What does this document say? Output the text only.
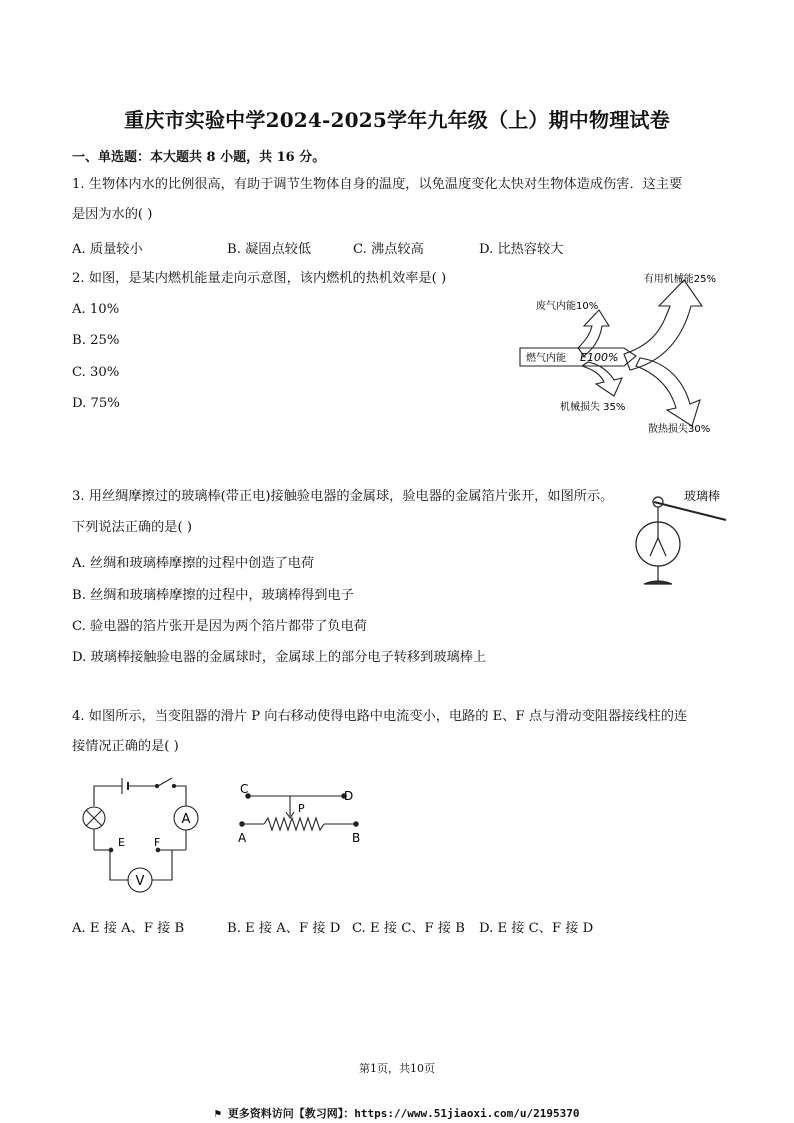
重庆市实验中学2024-2025学年九年级（上）期中物理试卷
一、单选题：本大题共 8 小题，共 16 分。
1. 生物体内水的比例很高，有助于调节生物体自身的温度，以免温度变化太快对生物体造成伤害．这主要
是因为水的( )
A. 质量较小	B. 凝固点较低	C. 沸点较高	D. 比热容较大
2. 如图，是某内燃机能量走向示意图，该内燃机的热机效率是( )
A. 10%
B. 25%
C. 30%
D. 75%
有用机械能25%
废气内能10%
燃气内能 E100%
机械损失 35%
散热损失30%
3. 用丝绸摩擦过的玻璃棒(带正电)接触验电器的金属球，验电器的金属箔片张开，如图所示。
下列说法正确的是( )
A. 丝绸和玻璃棒摩擦的过程中创造了电荷
B. 丝绸和玻璃棒摩擦的过程中，玻璃棒得到电子
C. 验电器的箔片张开是因为两个箔片都带了负电荷
D. 玻璃棒接触验电器的金属球时，金属球上的部分电子转移到玻璃棒上
玻璃棒
4. 如图所示，当变阻器的滑片 P 向右移动使得电路中电流变小，电路的 E、F 点与滑动变阻器接线柱的连
接情况正确的是( )
A
V
E	F
C	D
P
A	B
A. E 接 A、F 接 B	B. E 接 A、F 接 D C. E 接 C、F 接 B D. E 接 C、F 接 D
第1页，共10页
⚑ 更多资料访问【教习网】：https://www.51jiaoxi.com/u/2195370
